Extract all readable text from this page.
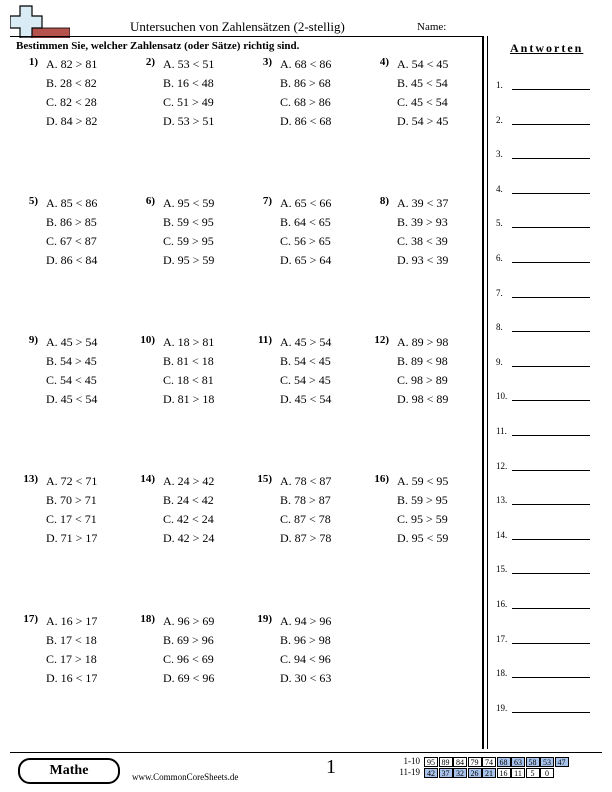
Untersuchen von Zahlensätzen (2-stellig)	Name:
Bestimmen Sie, welcher Zahlensatz (oder Sätze) richtig sind.
1) A. 82 > 81
B. 28 < 82
C. 82 < 28
D. 84 > 82
2) A. 53 < 51
B. 16 < 48
C. 51 > 49
D. 53 > 51
3) A. 68 < 86
B. 86 > 68
C. 68 > 86
D. 86 < 68
4) A. 54 < 45
B. 45 < 54
C. 45 < 54
D. 54 > 45
5) A. 85 < 86
B. 86 > 85
C. 67 < 87
D. 86 < 84
6) A. 95 < 59
B. 59 < 95
C. 59 > 95
D. 95 > 59
7) A. 65 < 66
B. 64 < 65
C. 56 > 65
D. 65 > 64
8) A. 39 < 37
B. 39 > 93
C. 38 < 39
D. 93 < 39
9) A. 45 > 54
B. 54 > 45
C. 54 < 45
D. 45 < 54
10) A. 18 > 81
B. 81 < 18
C. 18 < 81
D. 81 > 18
11) A. 45 > 54
B. 54 < 45
C. 54 > 45
D. 45 < 54
12) A. 89 > 98
B. 89 < 98
C. 98 > 89
D. 98 < 89
13) A. 72 < 71
B. 70 > 71
C. 17 < 71
D. 71 > 17
14) A. 24 > 42
B. 24 < 42
C. 42 < 24
D. 42 > 24
15) A. 78 < 87
B. 78 > 87
C. 87 < 78
D. 87 > 78
16) A. 59 < 95
B. 59 > 95
C. 95 > 59
D. 95 < 59
17) A. 16 > 17
B. 17 < 18
C. 17 > 18
D. 16 < 17
18) A. 96 > 69
B. 69 > 96
C. 96 < 69
D. 69 < 96
19) A. 94 > 96
B. 96 > 98
C. 94 < 96
D. 30 < 63
Antworten
1.
2.
3.
4.
5.
6.
7.
8.
9.
10.
11.
12.
13.
14.
15.
16.
17.
18.
19.
Mathe	www.CommonCoreSheets.de	1	1-10 95 89 84 79 74 68 63 58 53 47
11-19 42 37 32 26 21 16 11	5	0
